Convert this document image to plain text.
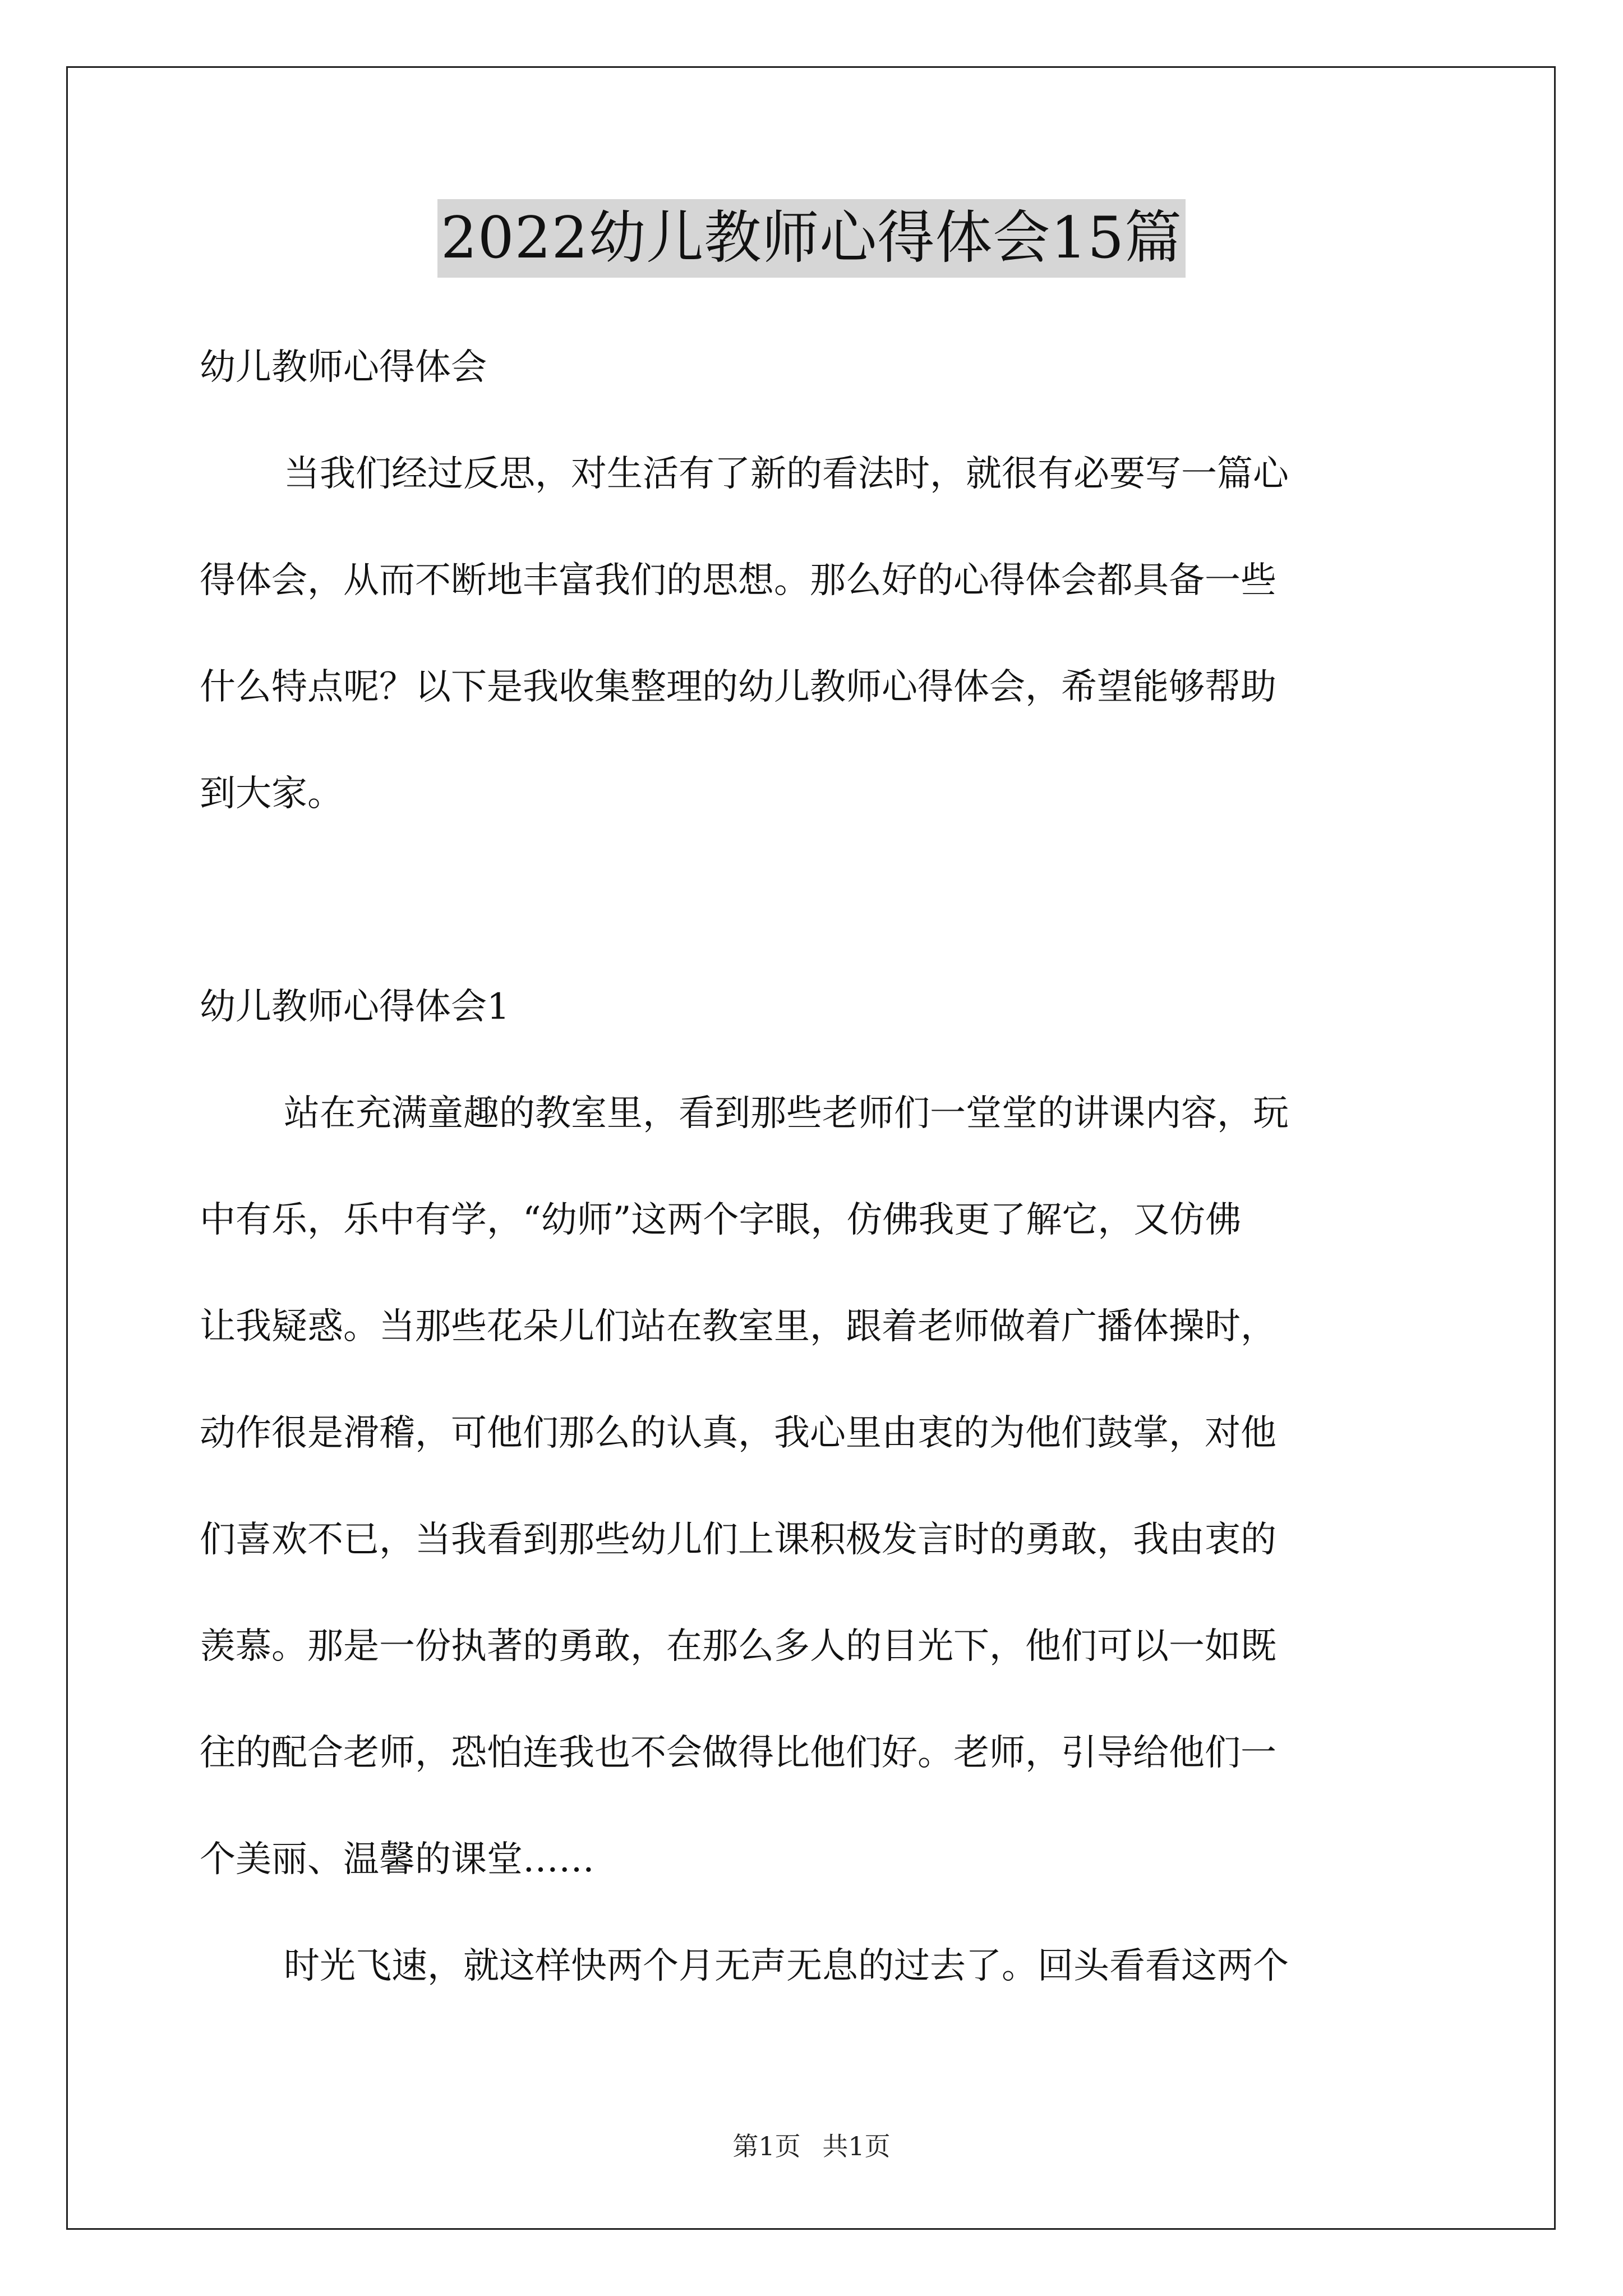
2022幼儿教师心得体会15篇
幼儿教师心得体会
当我们经过反思，对生活有了新的看法时，就很有必要写一篇心
得体会，从而不断地丰富我们的思想。那么好的心得体会都具备一些
什么特点呢？以下是我收集整理的幼儿教师心得体会，希望能够帮助
到大家。
幼儿教师心得体会1
站在充满童趣的教室里，看到那些老师们一堂堂的讲课内容，玩
中有乐，乐中有学，“幼师”这两个字眼，仿佛我更了解它，又仿佛
让我疑惑。当那些花朵儿们站在教室里，跟着老师做着广播体操时，
动作很是滑稽，可他们那么的认真，我心里由衷的为他们鼓掌，对他
们喜欢不已，当我看到那些幼儿们上课积极发言时的勇敢，我由衷的
羡慕。那是一份执著的勇敢，在那么多人的目光下，他们可以一如既
往的配合老师，恐怕连我也不会做得比他们好。老师，引导给他们一
个美丽、温馨的课堂……
时光飞速，就这样快两个月无声无息的过去了。回头看看这两个
第1页 共1页
